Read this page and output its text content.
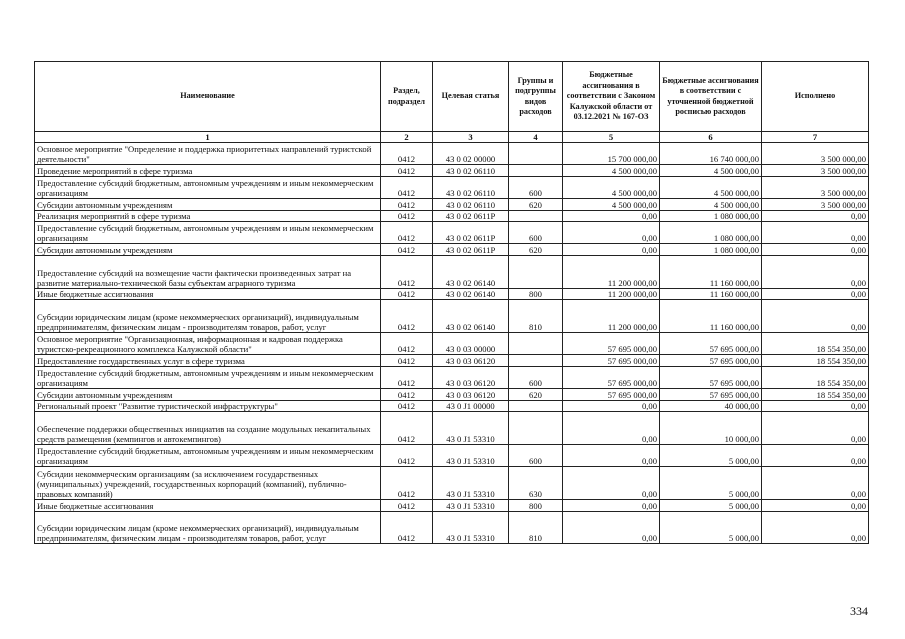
Наименование	Раздел, подраздел	Целевая статья	Группы и подгруппы видов расходов	Бюджетные ассигнования в соответствии с Законом Калужской области от 03.12.2021 № 167-ОЗ	Бюджетные ассигнования в соответствии с уточненной бюджетной росписью расходов	Исполнено
1	2	3	4	5	6	7
Основное мероприятие "Определение и поддержка приоритетных направлений туристской деятельности"	0412	43 0 02 00000		15 700 000,00	16 740 000,00	3 500 000,00
Проведение мероприятий в сфере туризма	0412	43 0 02 06110		4 500 000,00	4 500 000,00	3 500 000,00
Предоставление субсидий бюджетным, автономным учреждениям и иным некоммерческим организациям	0412	43 0 02 06110	600	4 500 000,00	4 500 000,00	3 500 000,00
Субсидии автономным учреждениям	0412	43 0 02 06110	620	4 500 000,00	4 500 000,00	3 500 000,00
Реализация мероприятий в сфере туризма	0412	43 0 02 0611Р		0,00	1 080 000,00	0,00
Предоставление субсидий бюджетным, автономным учреждениям и иным некоммерческим организациям	0412	43 0 02 0611Р	600	0,00	1 080 000,00	0,00
Субсидии автономным учреждениям	0412	43 0 02 0611Р	620	0,00	1 080 000,00	0,00
Предоставление субсидий на возмещение части фактически произведенных затрат на развитие материально-технической базы субъектам аграрного туризма	0412	43 0 02 06140		11 200 000,00	11 160 000,00	0,00
Иные бюджетные ассигнования	0412	43 0 02 06140	800	11 200 000,00	11 160 000,00	0,00
Субсидии юридическим лицам (кроме некоммерческих организаций), индивидуальным предпринимателям, физическим лицам - производителям товаров, работ, услуг	0412	43 0 02 06140	810	11 200 000,00	11 160 000,00	0,00
Основное мероприятие "Организационная, информационная и кадровая поддержка туристско-рекреационного комплекса Калужской области"	0412	43 0 03 00000		57 695 000,00	57 695 000,00	18 554 350,00
Предоставление государственных услуг в сфере туризма	0412	43 0 03 06120		57 695 000,00	57 695 000,00	18 554 350,00
Предоставление субсидий бюджетным, автономным учреждениям и иным некоммерческим организациям	0412	43 0 03 06120	600	57 695 000,00	57 695 000,00	18 554 350,00
Субсидии автономным учреждениям	0412	43 0 03 06120	620	57 695 000,00	57 695 000,00	18 554 350,00
Региональный проект "Развитие туристической инфраструктуры"	0412	43 0 J1 00000		0,00	40 000,00	0,00
Обеспечение поддержки общественных инициатив на создание модульных некапитальных средств размещения (кемпингов и автокемпингов)	0412	43 0 J1 53310		0,00	10 000,00	0,00
Предоставление субсидий бюджетным, автономным учреждениям и иным некоммерческим организациям	0412	43 0 J1 53310	600	0,00	5 000,00	0,00
Субсидии некоммерческим организациям (за исключением государственных (муниципальных) учреждений, государственных корпораций (компаний), публично-правовых компаний)	0412	43 0 J1 53310	630	0,00	5 000,00	0,00
Иные бюджетные ассигнования	0412	43 0 J1 53310	800	0,00	5 000,00	0,00
Субсидии юридическим лицам (кроме некоммерческих организаций), индивидуальным предпринимателям, физическим лицам - производителям товаров, работ, услуг	0412	43 0 J1 53310	810	0,00	5 000,00	0,00
334
